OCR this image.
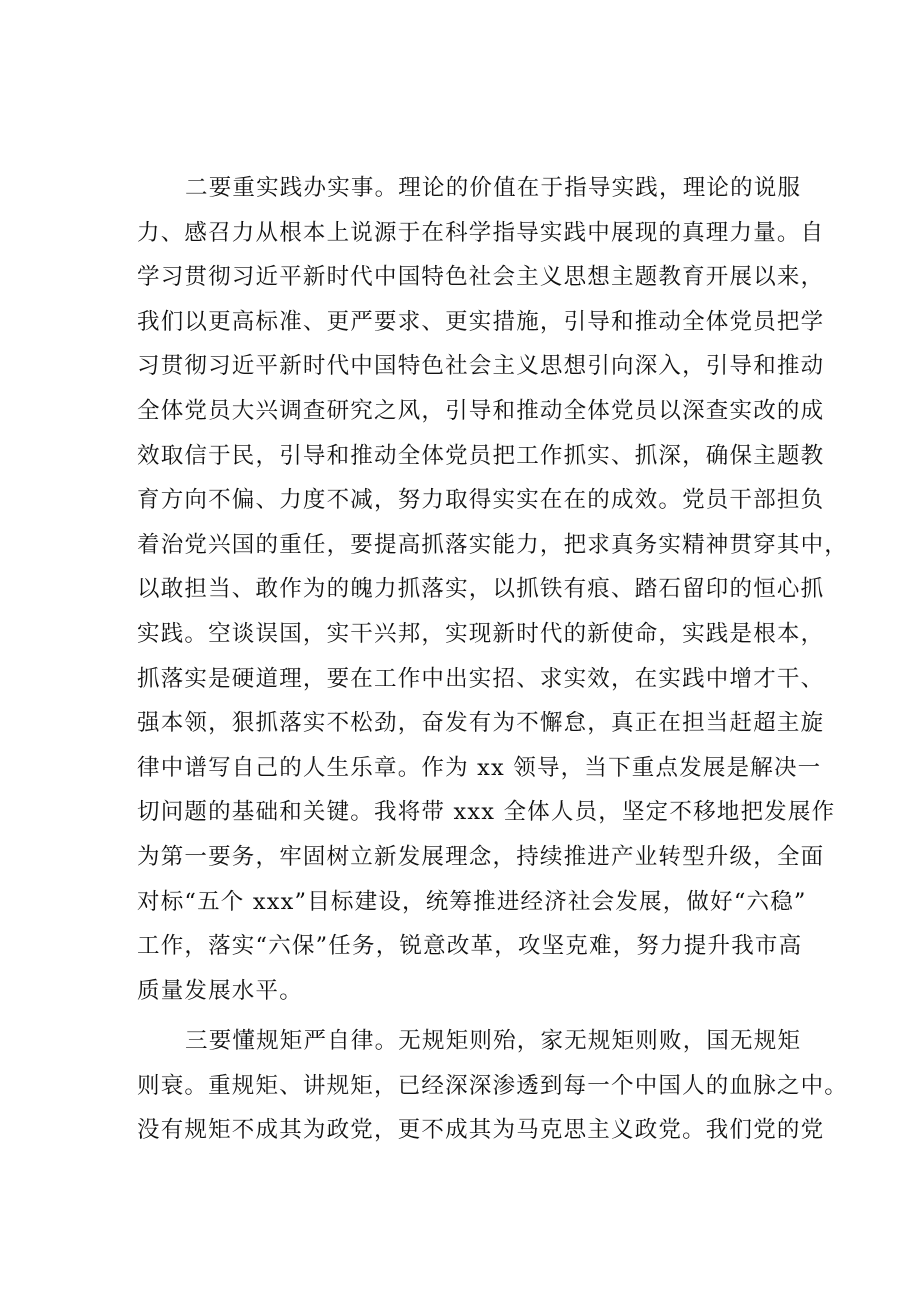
二要重实践办实事。理论的价值在于指导实践，理论的说服
力、感召力从根本上说源于在科学指导实践中展现的真理力量。自
学习贯彻习近平新时代中国特色社会主义思想主题教育开展以来，
我们以更高标准、更严要求、更实措施，引导和推动全体党员把学
习贯彻习近平新时代中国特色社会主义思想引向深入，引导和推动
全体党员大兴调查研究之风，引导和推动全体党员以深查实改的成
效取信于民，引导和推动全体党员把工作抓实、抓深，确保主题教
育方向不偏、力度不减，努力取得实实在在的成效。党员干部担负
着治党兴国的重任，要提高抓落实能力，把求真务实精神贯穿其中，
以敢担当、敢作为的魄力抓落实，以抓铁有痕、踏石留印的恒心抓
实践。空谈误国，实干兴邦，实现新时代的新使命，实践是根本，
抓落实是硬道理，要在工作中出实招、求实效，在实践中增才干、
强本领，狠抓落实不松劲，奋发有为不懈怠，真正在担当赶超主旋
律中谱写自己的人生乐章。作为 xx 领导，当下重点发展是解决一
切问题的基础和关键。我将带 xxx 全体人员，坚定不移地把发展作
为第一要务，牢固树立新发展理念，持续推进产业转型升级，全面
对标“五个 xxx”目标建设，统筹推进经济社会发展，做好“六稳”
工作，落实“六保”任务，锐意改革，攻坚克难，努力提升我市高
质量发展水平。
三要懂规矩严自律。无规矩则殆，家无规矩则败，国无规矩
则衰。重规矩、讲规矩，已经深深渗透到每一个中国人的血脉之中。
没有规矩不成其为政党，更不成其为马克思主义政党。我们党的党
